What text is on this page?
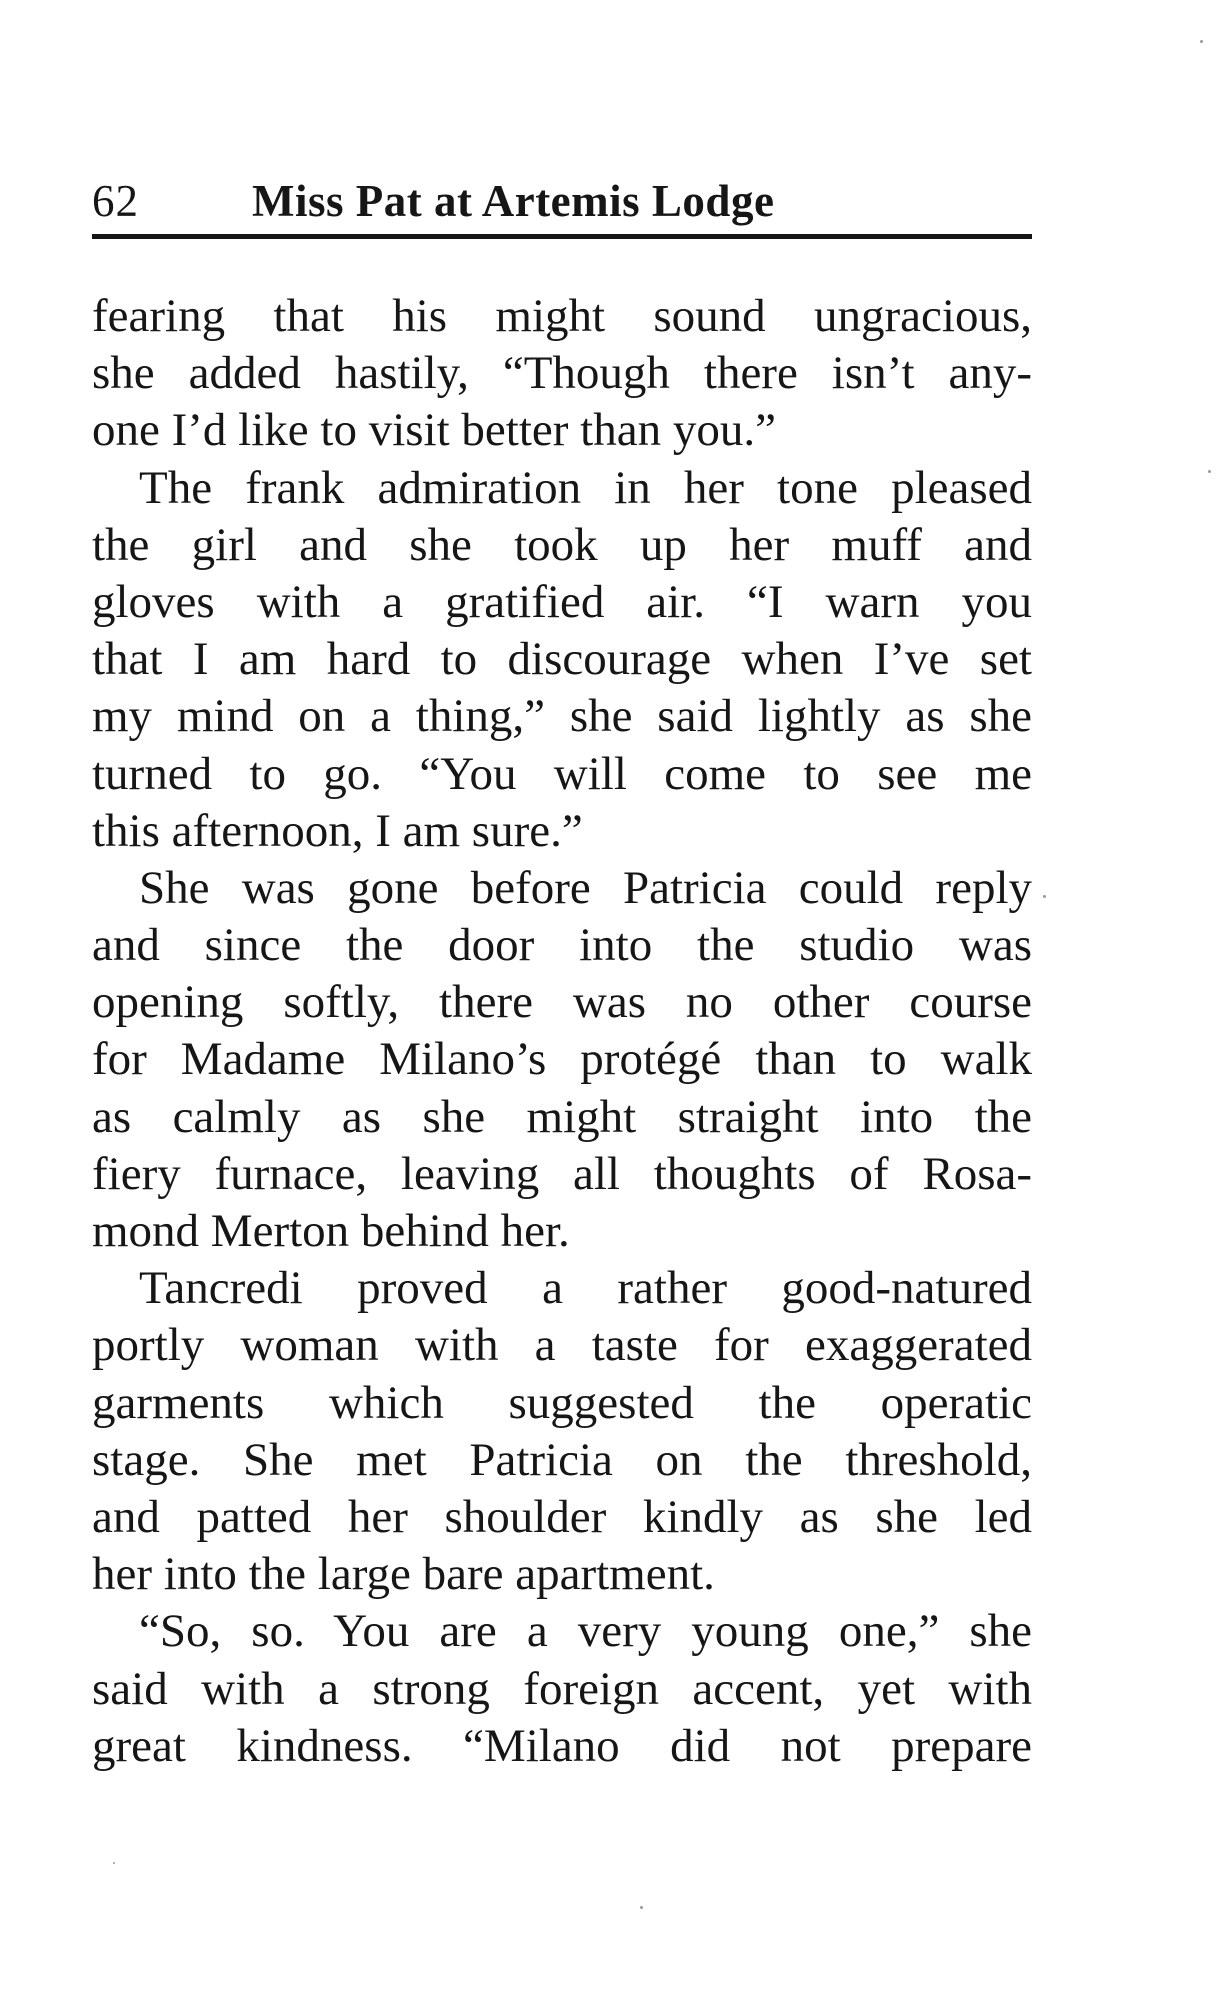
62	Miss Pat at Artemis Lodge
fearing that his might sound ungracious,
she added hastily, “Though there isn’t any-
one I’d like to visit better than you.”
The frank admiration in her tone pleased
the girl and she took up her muff and
gloves with a gratified air. “I warn you
that I am hard to discourage when I’ve set
my mind on a thing,” she said lightly as she
turned to go. “You will come to see me
this afternoon, I am sure.”
She was gone before Patricia could reply
and since the door into the studio was
opening softly, there was no other course
for Madame Milano’s protégé than to walk
as calmly as she might straight into the
fiery furnace, leaving all thoughts of Rosa-
mond Merton behind her.
Tancredi proved a rather good-natured
portly woman with a taste for exaggerated
garments which suggested the operatic
stage. She met Patricia on the threshold,
and patted her shoulder kindly as she led
her into the large bare apartment.
“So, so. You are a very young one,” she
said with a strong foreign accent, yet with
great kindness. “Milano did not prepare
